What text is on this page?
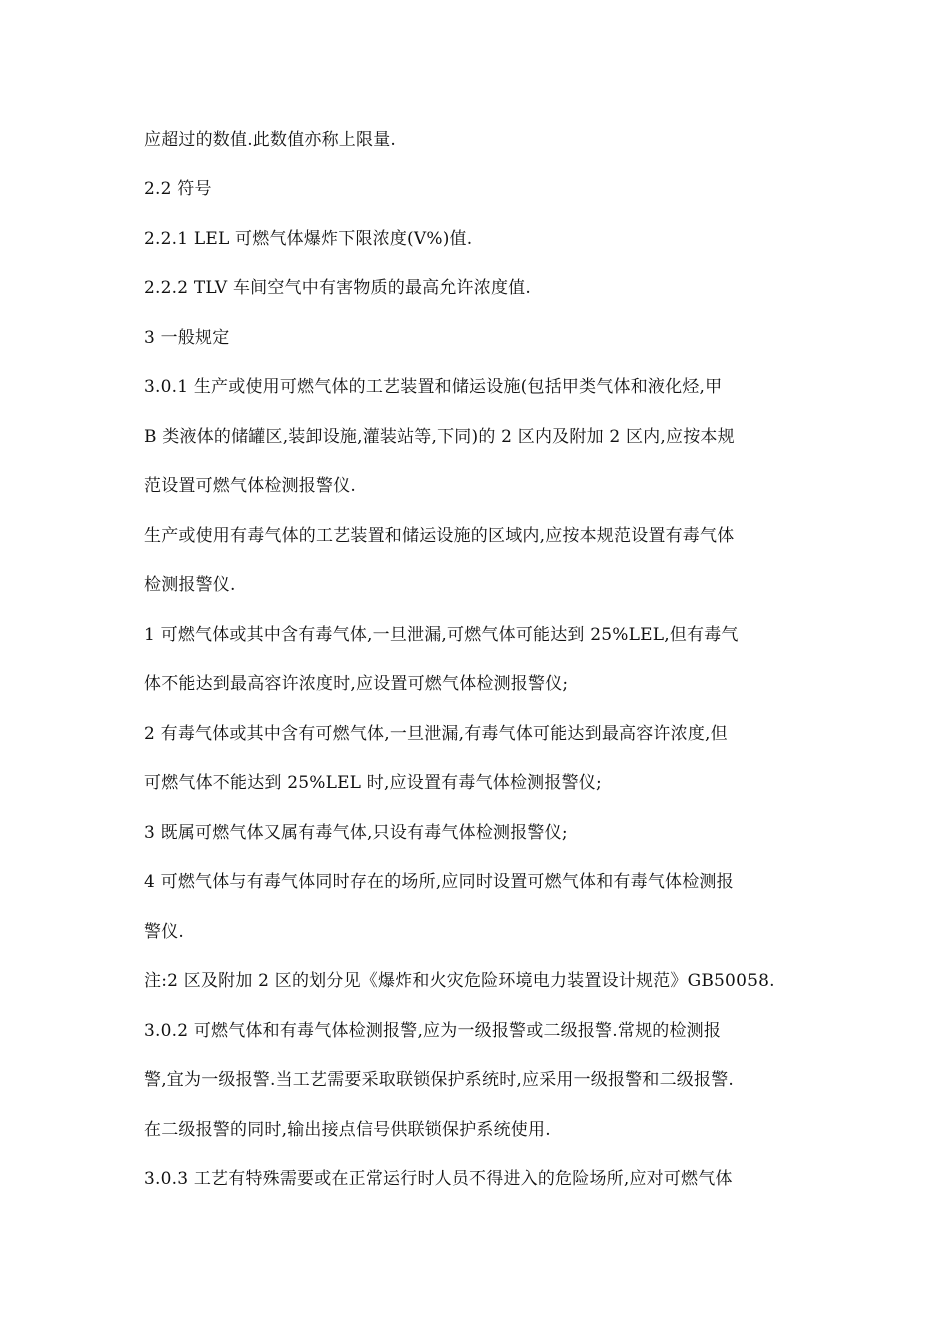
应超过的数值.此数值亦称上限量.
2.2 符号
2.2.1 LEL 可燃气体爆炸下限浓度(V%)值.
2.2.2 TLV 车间空气中有害物质的最高允许浓度值.
3 一般规定
3.0.1 生产或使用可燃气体的工艺装置和储运设施(包括甲类气体和液化烃,甲
B 类液体的储罐区,装卸设施,灌装站等,下同)的 2 区内及附加 2 区内,应按本规
范设置可燃气体检测报警仪.
生产或使用有毒气体的工艺装置和储运设施的区域内,应按本规范设置有毒气体
检测报警仪.
1 可燃气体或其中含有毒气体,一旦泄漏,可燃气体可能达到 25%LEL,但有毒气
体不能达到最高容许浓度时,应设置可燃气体检测报警仪;
2 有毒气体或其中含有可燃气体,一旦泄漏,有毒气体可能达到最高容许浓度,但
可燃气体不能达到 25%LEL 时,应设置有毒气体检测报警仪;
3 既属可燃气体又属有毒气体,只设有毒气体检测报警仪;
4 可燃气体与有毒气体同时存在的场所,应同时设置可燃气体和有毒气体检测报
警仪.
注:2 区及附加 2 区的划分见《爆炸和火灾危险环境电力装置设计规范》GB50058.
3.0.2 可燃气体和有毒气体检测报警,应为一级报警或二级报警.常规的检测报
警,宜为一级报警.当工艺需要采取联锁保护系统时,应采用一级报警和二级报警.
在二级报警的同时,输出接点信号供联锁保护系统使用.
3.0.3 工艺有特殊需要或在正常运行时人员不得进入的危险场所,应对可燃气体
